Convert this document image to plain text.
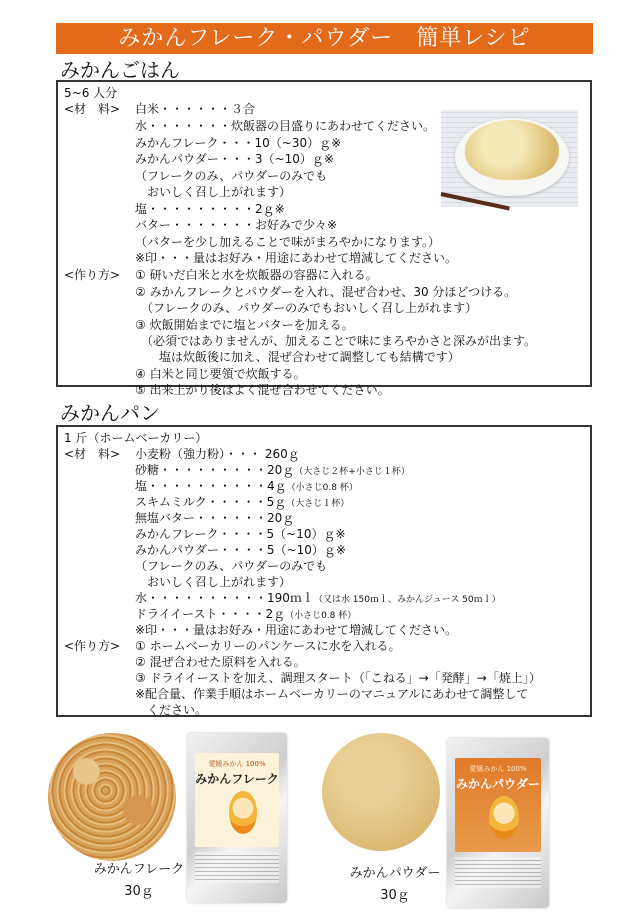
みかんフレーク・パウダー　簡単レシピ
みかんごはん
5~6 人分
<材　料> 白米・・・・・・３合
水・・・・・・・炊飯器の目盛りにあわせてください。
みかんフレーク・・・10（~30）ｇ※
みかんパウダー・・・3（~10）ｇ※
（フレークのみ、パウダーのみでも
　おいしく召し上がれます）
塩・・・・・・・・・2ｇ※
バター・・・・・・・お好みで少々※
（バターを少し加えることで味がまろやかになります。）
※印・・・量はお好み・用途にあわせて増減してください。
<作り方> ① 研いだ白米と水を炊飯器の容器に入れる。
② みかんフレークとパウダーを入れ、混ぜ合わせ、30 分ほどつける。
　（フレークのみ、パウダーのみでもおいしく召し上がれます）
③ 炊飯開始までに塩とバターを加える。
　（必須ではありませんが、加えることで味にまろやかさと深みが出ます。
　　塩は炊飯後に加え、混ぜ合わせて調整しても結構です）
④ 白米と同じ要領で炊飯する。
⑤ 出来上がり後はよく混ぜ合わせてください。
みかんパン
1 斤（ホームベーカリー）
<材　料> 小麦粉（強力粉）・・・ 260ｇ
砂糖・・・・・・・・・20ｇ（大さじ２杯+小さじ１杯）
塩・・・・・・・・・・4ｇ（小さじ0.8 杯）
スキムミルク・・・・・5ｇ（大さじ１杯）
無塩バター・・・・・・20ｇ
みかんフレーク・・・・5（~10）ｇ※
みかんパウダー・・・・5（~10）ｇ※
（フレークのみ、パウダーのみでも
　おいしく召し上がれます）
水・・・・・・・・・・190ｍｌ（又は水 150ｍｌ、みかんジュース 50ｍｌ）
ドライイースト・・・・2ｇ（小さじ0.8 杯）
※印・・・量はお好み・用途にあわせて増減してください。
<作り方> ① ホームベーカリーのパンケースに水を入れる。
② 混ぜ合わせた原料を入れる。
③ ドライイーストを加え、調理スタート（「こねる」→「発酵」→「焼上」）
※配合量、作業手順はホームベーカリーのマニュアルにあわせて調整して
　ください。
愛媛みかん 100%
みかんフレーク
みかんフレーク
30ｇ
愛媛みかん 100%
みかんパウダー
みかんパウダー
30ｇ
